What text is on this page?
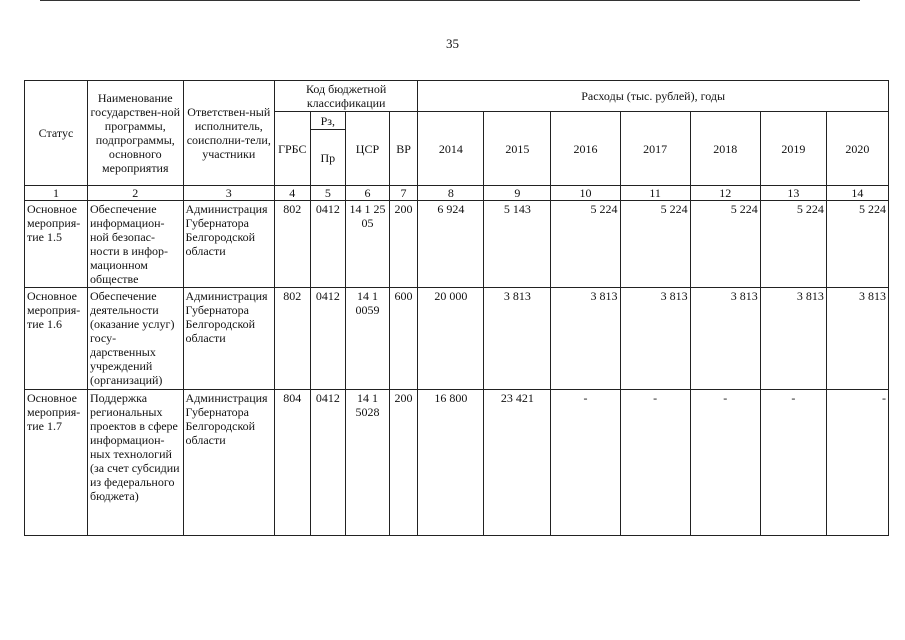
35
Статус	Наименование государствен-ной программы, подпрограммы, основного мероприятия	Ответствен-ный исполнитель, соисполни-тели, участники	Код бюджетной классификации				Расходы (тыс. рублей), годы						
			ГРБС	Рз,	ЦСР	ВР	2014	2015	2016	2017	2018	2019	2020
				Пр									
1	2	3	4	5	6	7	8	9	10	11	12	13	14
Основное мероприя-тие 1.5	Обеспечение информацион-ной безопас-ности в инфор-мационном обществе	Администрация Губернатора Белгородской области	802	0412	14 1 25 05	200	6 924	5 143	5 224	5 224	5 224	5 224	5 224
Основное мероприя-тие 1.6	Обеспечение деятельности (оказание услуг) госу-дарственных учреждений (организаций)	Администрация Губернатора Белгородской области	802	0412	14 1 0059	600	20 000	3 813	3 813	3 813	3 813	3 813	3 813
Основное мероприя-тие 1.7	Поддержка региональных проектов в сфере информацион-ных технологий (за счет субсидии из федерального бюджета)	Администрация Губернатора Белгородской области	804	0412	14 1 5028	200	16 800	23 421	-	-	-	-	-
